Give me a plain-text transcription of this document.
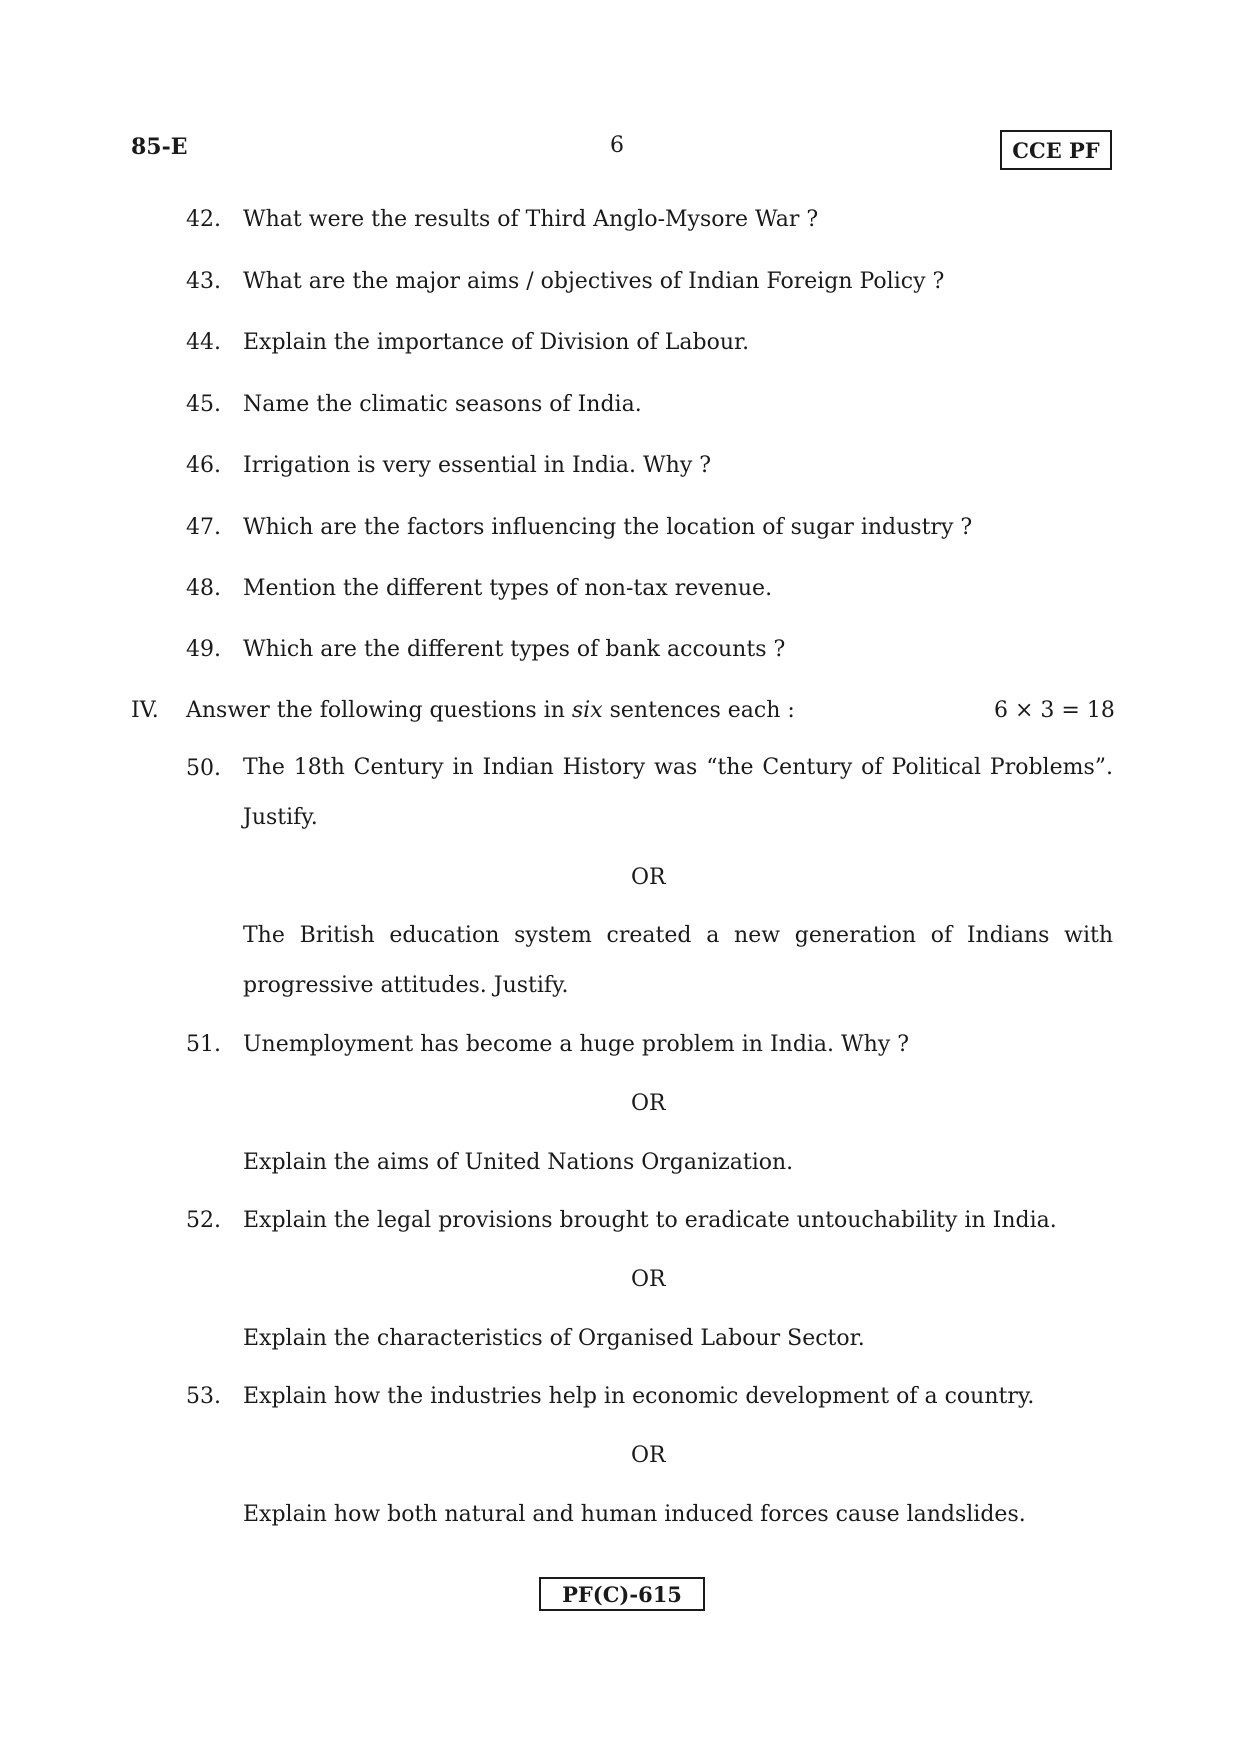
85-E	6	CCE PF
42. What were the results of Third Anglo-Mysore War ?
43. What are the major aims / objectives of Indian Foreign Policy ?
44. Explain the importance of Division of Labour.
45. Name the climatic seasons of India.
46. Irrigation is very essential in India. Why ?
47. Which are the factors influencing the location of sugar industry ?
48. Mention the different types of non-tax revenue.
49. Which are the different types of bank accounts ?
IV. Answer the following questions in six sentences each :	6 × 3 = 18
50. The 18th Century in Indian History was “the Century of Political Problems”. Justify.
OR
The British education system created a new generation of Indians with progressive attitudes. Justify.
51. Unemployment has become a huge problem in India. Why ?
OR
Explain the aims of United Nations Organization.
52. Explain the legal provisions brought to eradicate untouchability in India.
OR
Explain the characteristics of Organised Labour Sector.
53. Explain how the industries help in economic development of a country.
OR
Explain how both natural and human induced forces cause landslides.
PF(C)-615
